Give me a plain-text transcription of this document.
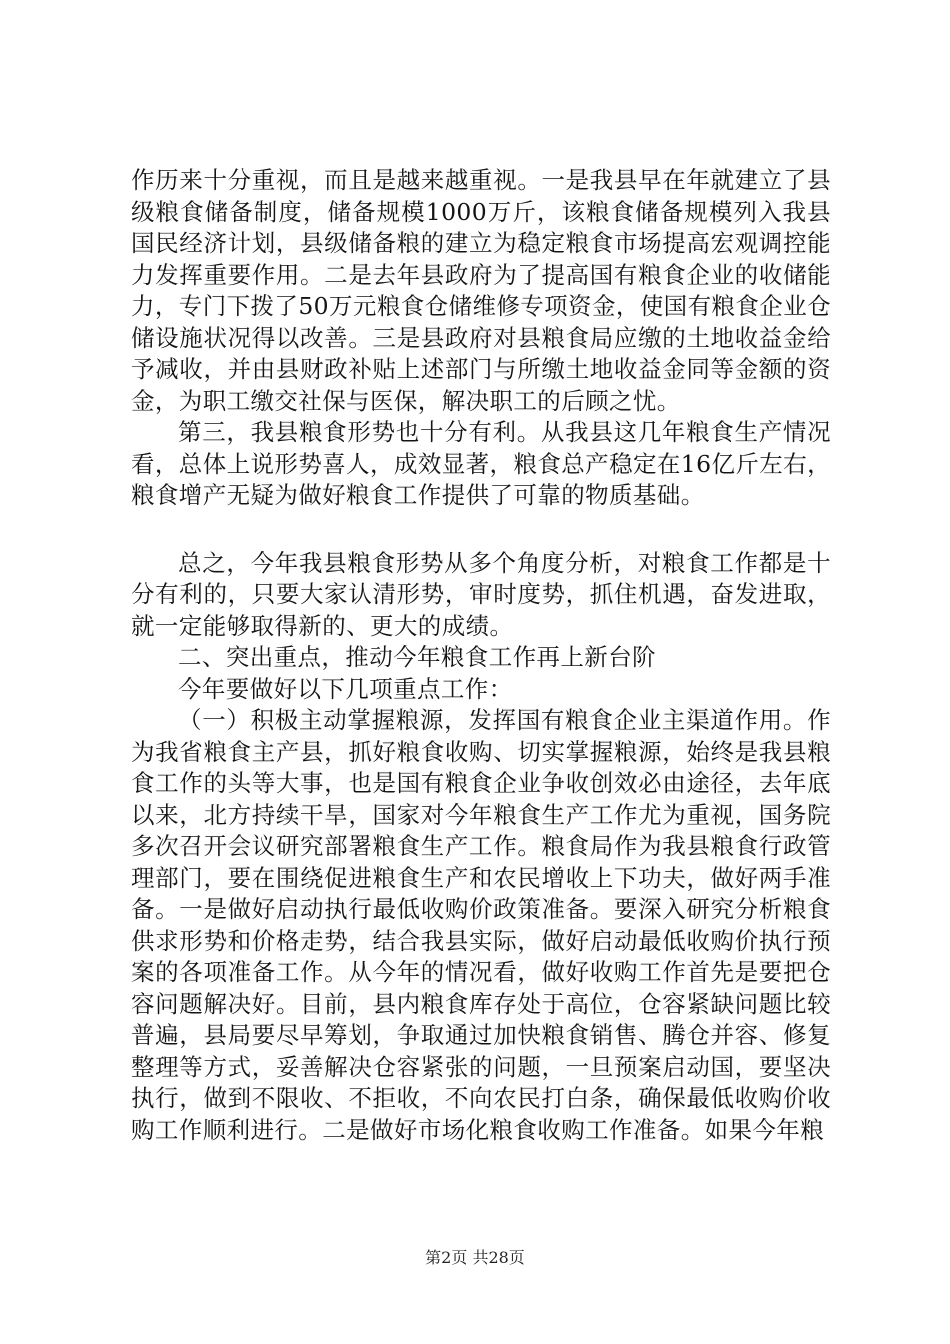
作历来十分重视，而且是越来越重视。一是我县早在年就建立了县级粮食储备制度，储备规模1000万斤，该粮食储备规模列入我县国民经济计划，县级储备粮的建立为稳定粮食市场提高宏观调控能力发挥重要作用。二是去年县政府为了提高国有粮食企业的收储能力，专门下拨了50万元粮食仓储维修专项资金，使国有粮食企业仓储设施状况得以改善。三是县政府对县粮食局应缴的土地收益金给予减收，并由县财政补贴上述部门与所缴土地收益金同等金额的资金，为职工缴交社保与医保，解决职工的后顾之忧。

第三，我县粮食形势也十分有利。从我县这几年粮食生产情况看，总体上说形势喜人，成效显著，粮食总产稳定在16亿斤左右，粮食增产无疑为做好粮食工作提供了可靠的物质基础。

总之，今年我县粮食形势从多个角度分析，对粮食工作都是十分有利的，只要大家认清形势，审时度势，抓住机遇，奋发进取，就一定能够取得新的、更大的成绩。

二、突出重点，推动今年粮食工作再上新台阶

今年要做好以下几项重点工作：

（一）积极主动掌握粮源，发挥国有粮食企业主渠道作用。作为我省粮食主产县，抓好粮食收购、切实掌握粮源，始终是我县粮食工作的头等大事，也是国有粮食企业争收创效必由途径，去年底以来，北方持续干旱，国家对今年粮食生产工作尤为重视，国务院多次召开会议研究部署粮食生产工作。粮食局作为我县粮食行政管理部门，要在围绕促进粮食生产和农民增收上下功夫，做好两手准备。一是做好启动执行最低收购价政策准备。要深入研究分析粮食供求形势和价格走势，结合我县实际，做好启动最低收购价执行预案的各项准备工作。从今年的情况看，做好收购工作首先是要把仓容问题解决好。目前，县内粮食库存处于高位，仓容紧缺问题比较普遍，县局要尽早筹划，争取通过加快粮食销售、腾仓并容、修复整理等方式，妥善解决仓容紧张的问题，一旦预案启动国，要坚决执行，做到不限收、不拒收，不向农民打白条，确保最低收购价收购工作顺利进行。二是做好市场化粮食收购工作准备。如果今年粮

第2页 共28页
